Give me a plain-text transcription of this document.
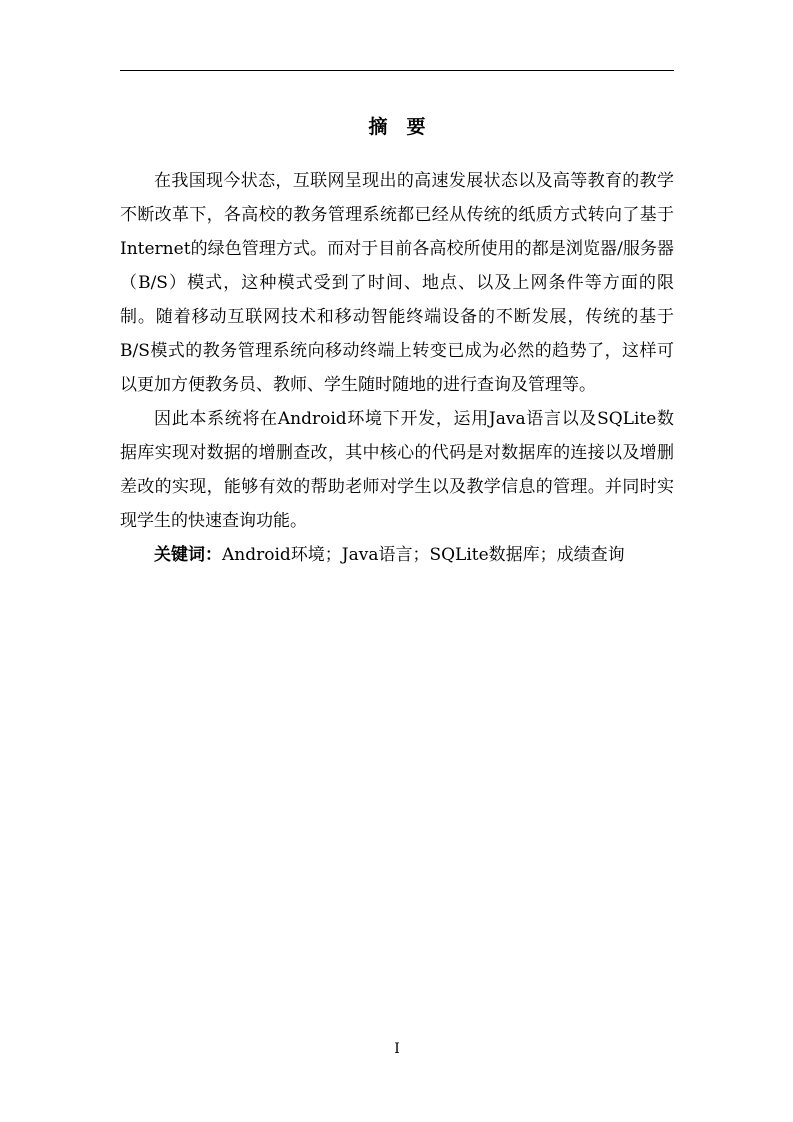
摘　要

在我国现今状态，互联网呈现出的高速发展状态以及高等教育的教学不断改革下，各高校的教务管理系统都已经从传统的纸质方式转向了基于Internet的绿色管理方式。而对于目前各高校所使用的都是浏览器/服务器（B/S）模式，这种模式受到了时间、地点、以及上网条件等方面的限制。随着移动互联网技术和移动智能终端设备的不断发展，传统的基于B/S模式的教务管理系统向移动终端上转变已成为必然的趋势了，这样可以更加方便教务员、教师、学生随时随地的进行查询及管理等。

因此本系统将在Android环境下开发，运用Java语言以及SQLite数据库实现对数据的增删查改，其中核心的代码是对数据库的连接以及增删差改的实现，能够有效的帮助老师对学生以及教学信息的管理。并同时实现学生的快速查询功能。

关键词：Android环境；Java语言；SQLite数据库；成绩查询

I
